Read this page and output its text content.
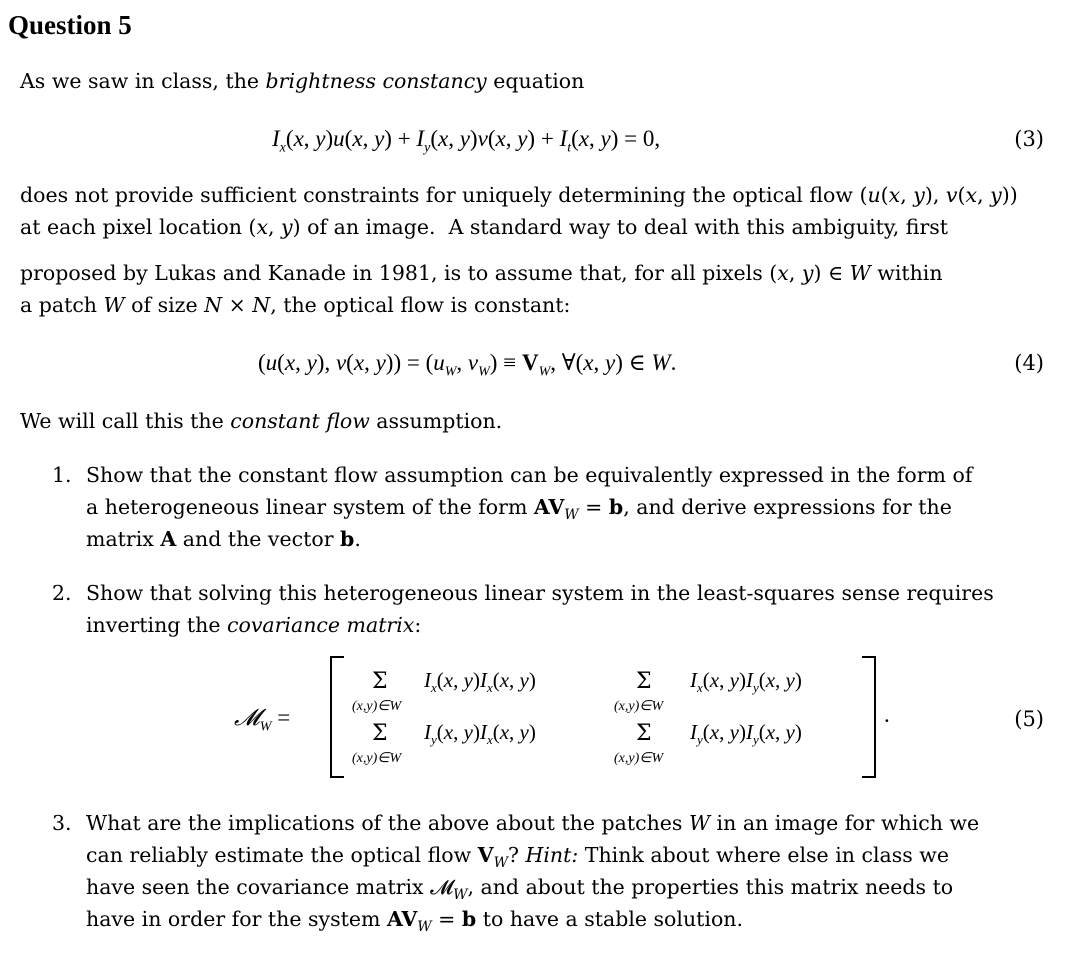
Question 5
As we saw in class, the brightness constancy equation
$I_x(x$, y)u(x, $y) + I_y(x$, y)v(x, $y) + I_t(x$, y) = 0,	(3)
does not provide sufficient constraints for uniquely determining the optical flow (u(x, y), v(x, y))
at each pixel location (x, y) of an image.  A standard way to deal with this ambiguity, first
proposed by Lukas and Kanade in 1981, is to assume that, for all pixels (x, y) ∈ W within
a patch W of size N × N, the optical flow is constant:
(u(x, y), v(x, $y)) = (u_W$, $v_W) \equiv V_W$, ∀(x, y) ∈ W.	(4)
We will call this the constant flow assumption.
1. Show that the constant flow assumption can be equivalently expressed in the form of
a heterogeneous linear system of the form $AV_W = b$, and derive expressions for the
matrix A and the vector b.
2. Show that solving this heterogeneous linear system in the least-squares sense requires
inverting the covariance matrix:
𝓜$_W$ =
Σ
(x,y)∈W
$I_x(x$, $y)I_x(x$, y)	Σ
(x,y)∈W
$I_x(x$, $y)I_y(x$, y)
Σ
(x,y)∈W
$I_y(x$, $y)I_x(x$, y)	Σ
(x,y)∈W
$I_y(x$, $y)I_y(x$, y)
.	(5)
3. What are the implications of the above about the patches W in an image for which we
can reliably estimate the optical flow $V_W$? Hint: Think about where else in class we
have seen the covariance matrix 𝓜$_W$, and about the properties this matrix needs to
have in order for the system $AV_W = b$ to have a stable solution.
